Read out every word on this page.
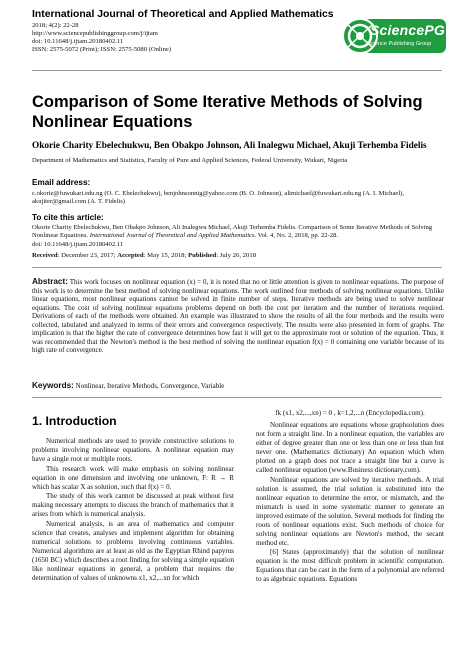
International Journal of Theoretical and Applied Mathematics
2018; 4(2): 22-28
http://www.sciencepublishinggroup.com/j/ijtam
doi: 10.11648/j.ijtam.20180402.11
ISSN: 2575-5072 (Print); ISSN: 2575-5080 (Online)
SciencePG
Science Publishing Group
Comparison of Some Iterative Methods of Solving Nonlinear Equations
Okorie Charity Ebelechukwu, Ben Obakpo Johnson, Ali Inalegwu Michael, Akuji Terhemba Fidelis
Department of Mathematics and Statistics, Faculty of Pure and Applied Sciences, Federal University, Wukari, Nigeria
Email address:
c.okorie@fuwukari.edu.ng (O. C. Ebelechukwu), benjohnsonnig@yahoo.com (B. O. Johnson), alimichael@fuwukari.edu.ng (A. I. Michael), akujiter@gmail.com (A. T. Fidelis)
To cite this article:
Okorie Charity Ebelechukwu, Ben Obakpo Johnson, Ali Inalegwu Michael, Akuji Terhemba Fidelis. Comparison of Some Iterative Methods of Solving Nonlinear Equations. International Journal of Theoretical and Applied Mathematics. Vol. 4, No. 2, 2018, pp. 22-28.
doi: 10.11648/j.ijtam.20180402.11
Received: December 23, 2017; Accepted: May 15, 2018; Published: July 26, 2018
Abstract: This work focuses on nonlinear equation (x) = 0, it is noted that no or little attention is given to nonlinear equations. The purpose of this work is to determine the best method of solving nonlinear equations. The work outlined four methods of solving nonlinear equations. Unlike linear equations, most nonlinear equations cannot be solved in finite number of steps. Iterative methods are being used to solve nonlinear equations. The cost of solving nonlinear equations problems depend on both the cost per iteration and the number of iterations required. Derivations of each of the methods were obtained. An example was illustrated to show the results of all the four methods and the results were collected, tabulated and analyzed in terms of their errors and convergence respectively. The results were also presented in form of graphs. The implication is that the higher the rate of convergence determines how fast it will get to the approximate root or solution of the equation. Thus, it was recommended that the Newton's method is the best method of solving the nonlinear equation f(x) = 0 containing one variable because of its high rate of convergence.
Keywords: Nonlinear, Iterative Methods, Convergence, Variable
1. Introduction

Numerical methods are used to provide constructive solutions to problems involving nonlinear equations. A nonlinear equation may have a single root or multiple roots.

This research work will make emphasis on solving nonlinear equation in one dimension and involving one unknown, F: R → R which has scalar X as solution, such that f(x) = 0.

The study of this work cannot be discussed at peak without first making necessary attempts to discuss the branch of mathematics that it arises from which is numerical analysis.

Numerical analysis, is an area of mathematics and computer science that creates, analyses and implement algorithm for obtaining numerical solutions to problems involving continuous variables. Numerical algorithms are at least as old as the Egyptian Rhind papyrus (1650 BC) which describes a root finding for solving a simple equation like nonlinear equations in general, a problem that requires the determination of values of unknowns x1, x2,...xn for which

fk (x1, x2,...,xn) = 0 , k=1,2,...n (Encyclopedia.com).

Nonlinear equations are equations whose graphsolution does not form a straight line. In a nonlinear equation, the variables are either of degree greater than one or less than one or less than but never one. (Mathematics dictionary) An equation which when plotted on a graph does not trace a straight line but a curve is called nonlinear equation (www.Business dictionary.com).

Nonlinear equations are solved by iterative methods. A trial solution is assumed, the trial solution is substituted into the nonlinear equation to determine the error, or mismatch, and the mismatch is used in some systematic manner to generate an improved estimate of the solution. Several methods for finding the roots of nonlinear equations exist. Such methods of choice for solving nonlinear equations are Newton's method, the secant method etc.

[6] States (approximately) that the solution of nonlinear equation is the most difficult problem in scientific computation. Equations that can be cast in the form of a polynomial are referred to as algebraic equations. Equations
